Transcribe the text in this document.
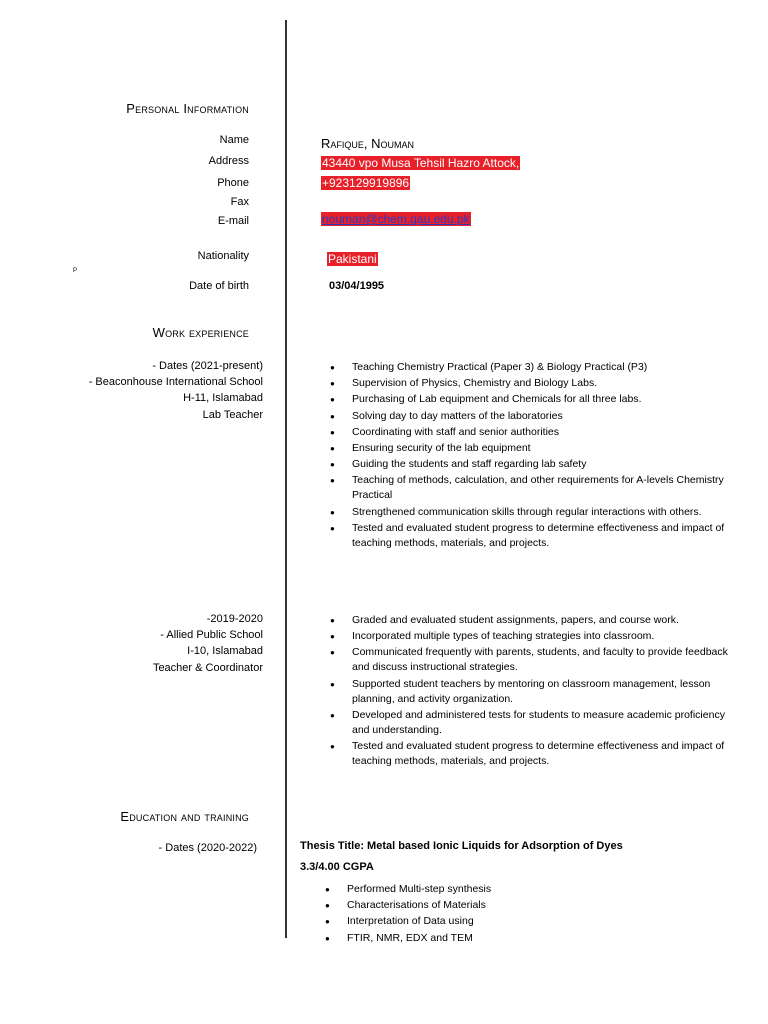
Personal Information
Name	Rafique, Nouman
Address	43440 vpo Musa Tehsil Hazro Attock,
Phone	+923129919896
Fax
E-mail	nouman@chem.qau.edu.pk
Nationality	Pakistani
P
Date of birth	03/04/1995
Work experience
- Dates (2021-present)
- Beaconhouse International School
H-11, Islamabad
Lab Teacher
● Teaching Chemistry Practical (Paper 3) & Biology Practical (P3)
● Supervision of Physics, Chemistry and Biology Labs.
● Purchasing of Lab equipment and Chemicals for all three labs.
● Solving day to day matters of the laboratories
● Coordinating with staff and senior authorities
● Ensuring security of the lab equipment
● Guiding the students and staff regarding lab safety
● Teaching of methods, calculation, and other requirements for A-levels Chemistry Practical
● Strengthened communication skills through regular interactions with others.
● Tested and evaluated student progress to determine effectiveness and impact of teaching methods, materials, and projects.
-2019-2020
- Allied Public School
I-10, Islamabad
Teacher & Coordinator
● Graded and evaluated student assignments, papers, and course work.
● Incorporated multiple types of teaching strategies into classroom.
● Communicated frequently with parents, students, and faculty to provide feedback and discuss instructional strategies.
● Supported student teachers by mentoring on classroom management, lesson planning, and activity organization.
● Developed and administered tests for students to measure academic proficiency and understanding.
● Tested and evaluated student progress to determine effectiveness and impact of teaching methods, materials, and projects.
Education and training
- Dates (2020-2022)	Thesis Title: Metal based Ionic Liquids for Adsorption of Dyes
3.3/4.00 CGPA
● Performed Multi-step synthesis
● Characterisations of Materials
● Interpretation of Data using
● FTIR, NMR, EDX and TEM
